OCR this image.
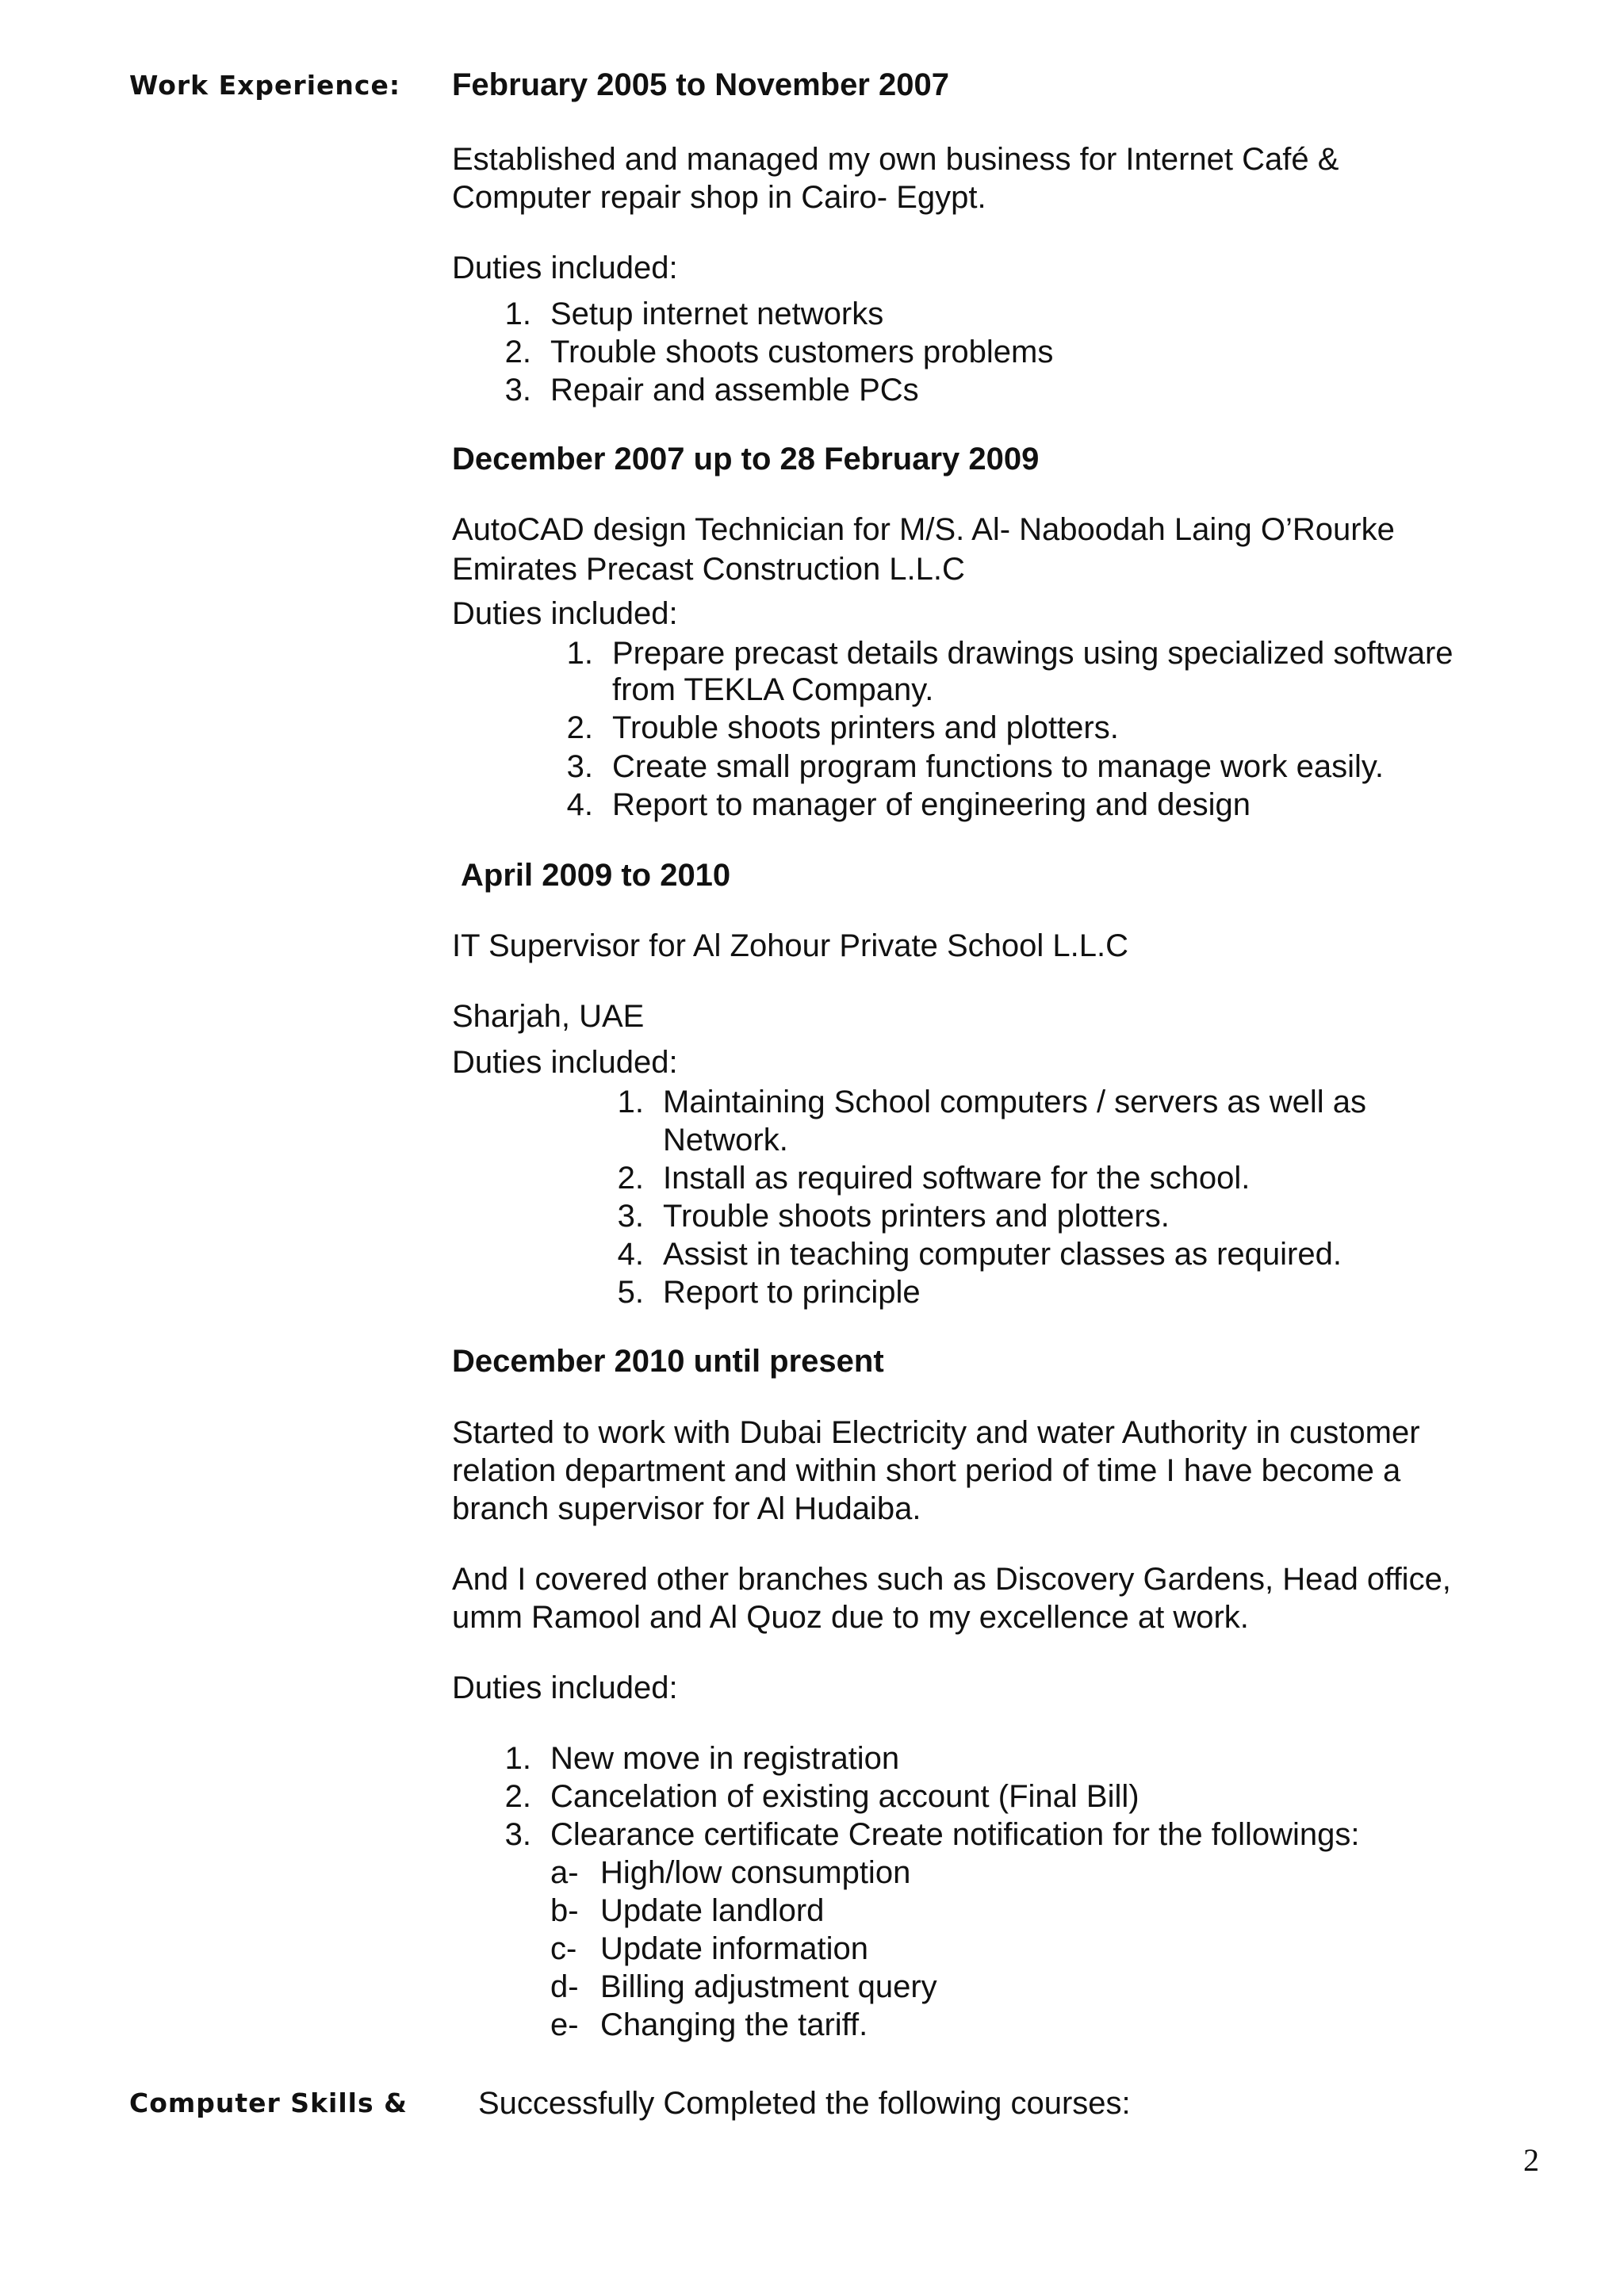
Work Experience:
Computer Skills &
February 2005 to November 2007
Established and managed my own business for Internet Café &
Computer repair shop in Cairo- Egypt.
Duties included:
1. Setup internet networks
2. Trouble shoots customers problems
3. Repair and assemble PCs
December 2007 up to 28 February 2009
AutoCAD design Technician for M/S. Al- Naboodah Laing O’Rourke
Emirates Precast Construction L.L.C
Duties included:
1. Prepare precast details drawings using specialized software
from TEKLA Company.
2. Trouble shoots printers and plotters.
3. Create small program functions to manage work easily.
4. Report to manager of engineering and design
April 2009 to 2010
IT Supervisor for Al Zohour Private School L.L.C
Sharjah, UAE
Duties included:
1. Maintaining School computers / servers as well as
Network.
2. Install as required software for the school.
3. Trouble shoots printers and plotters.
4. Assist in teaching computer classes as required.
5. Report to principle
December 2010 until present
Started to work with Dubai Electricity and water Authority in customer
relation department and within short period of time I have become a
branch supervisor for Al Hudaiba.
And I covered other branches such as Discovery Gardens, Head office,
umm Ramool and Al Quoz due to my excellence at work.
Duties included:
1. New move in registration
2. Cancelation of existing account (Final Bill)
3. Clearance certificate Create notification for the followings:
a- High/low consumption
b- Update landlord
c- Update information
d- Billing adjustment query
e- Changing the tariff.
Successfully Completed the following courses:
2
